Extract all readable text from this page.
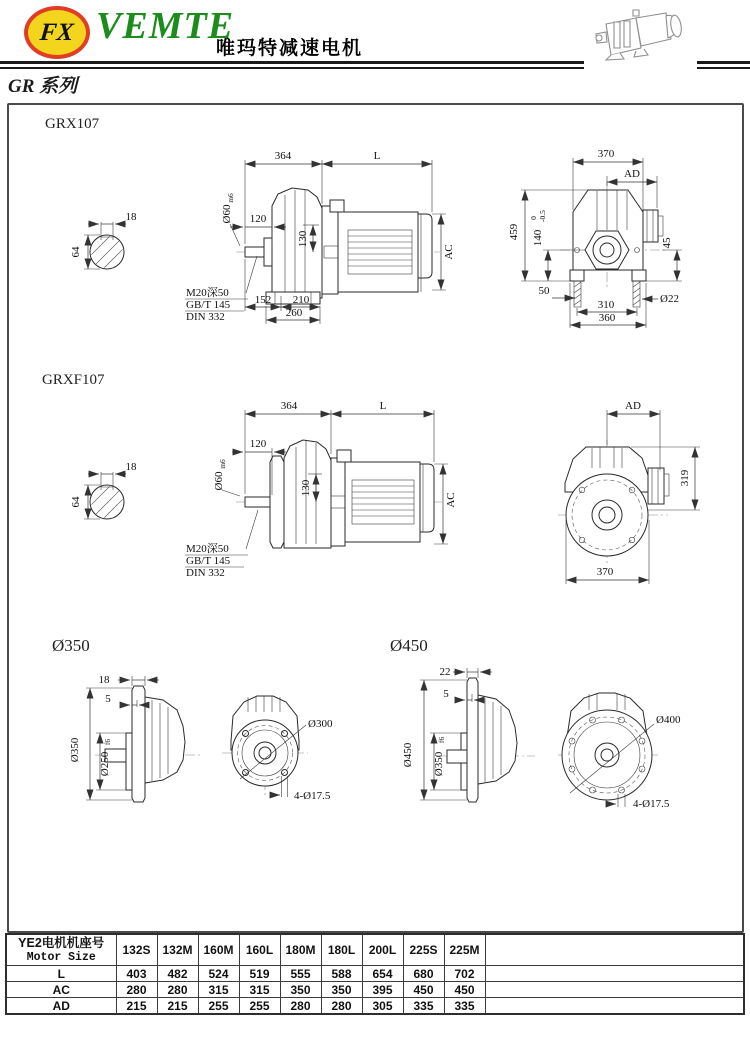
FX VEMTE
唯玛特减速电机
GR 系列
GRX107
GRXF107
Ø350	Ø450
18
64
Ø60
m6
364	L
120
130
AC
M20深50
GB/T 145
DIN 332
152 210
260
370
AD
459 140
0 -0.5
45
50
Ø22
310
360
18
64
Ø60
m6
364	L
120
130
AC
M20深50
GB/T 145
DIN 332
AD
319
370
18
5
Ø350
Ø250
f6
Ø300
4-Ø17.5
22
5
Ø450 Ø350
f6
Ø400
4-Ø17.5
YE2电机机座号
Motor Size	132S	132M	160M	160L	180M	180L	200L	225S	225M	
L	403	482	524	519	555	588	654	680	702	
AC	280	280	315	315	350	350	395	450	450	
AD	215	215	255	255	280	280	305	335	335	
